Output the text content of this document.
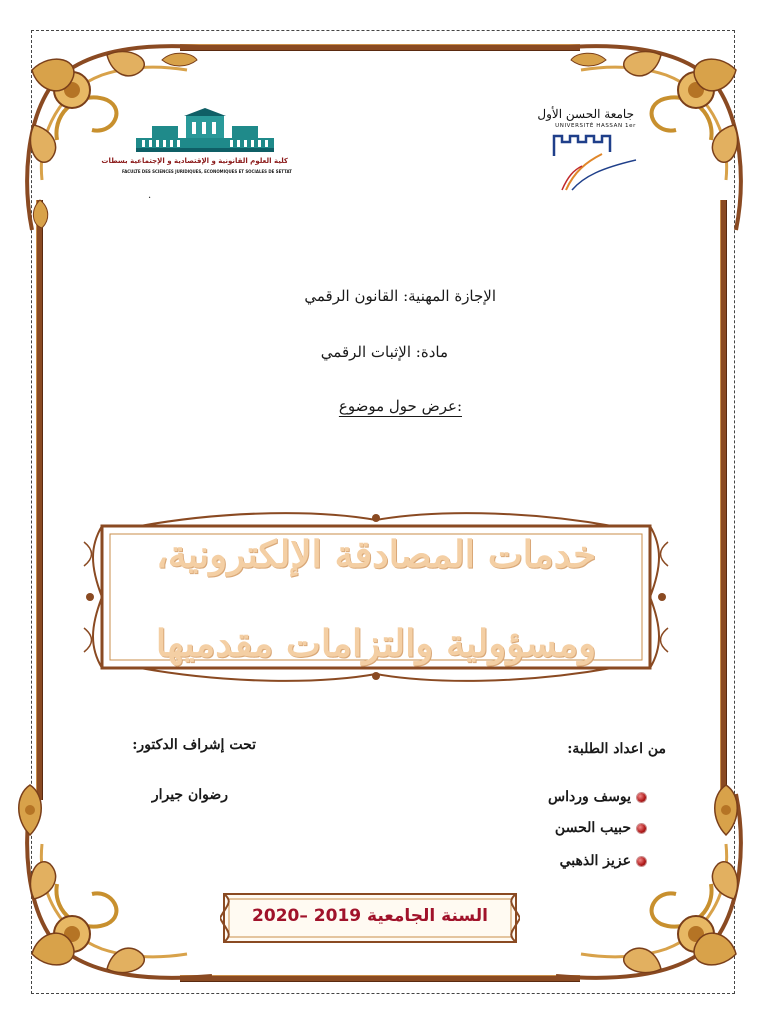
كلية العلوم القانونية و الإقتصادية و الإجتماعية بسطات
FACULTE DES SCIENCES JURIDIQUES, ECONOMIQUES ET SOCIALES DE SETTAT
.
جامعة الحسن الأول
UNIVERSITÉ HASSAN 1er
الإجازة المهنية: القانون الرقمي
مادة: الإثبات الرقمي
:عرض حول موضوع
خدمات المصادقة الإلكترونية،
ومسؤولية والتزامات مقدميها
تحت إشراف الدكتور:
رضوان جيرار
من اعداد الطلبة:
يوسف ورداس
حبيب الحسن
عزيز الذهبي
السنة الجامعية 2019 –2020
